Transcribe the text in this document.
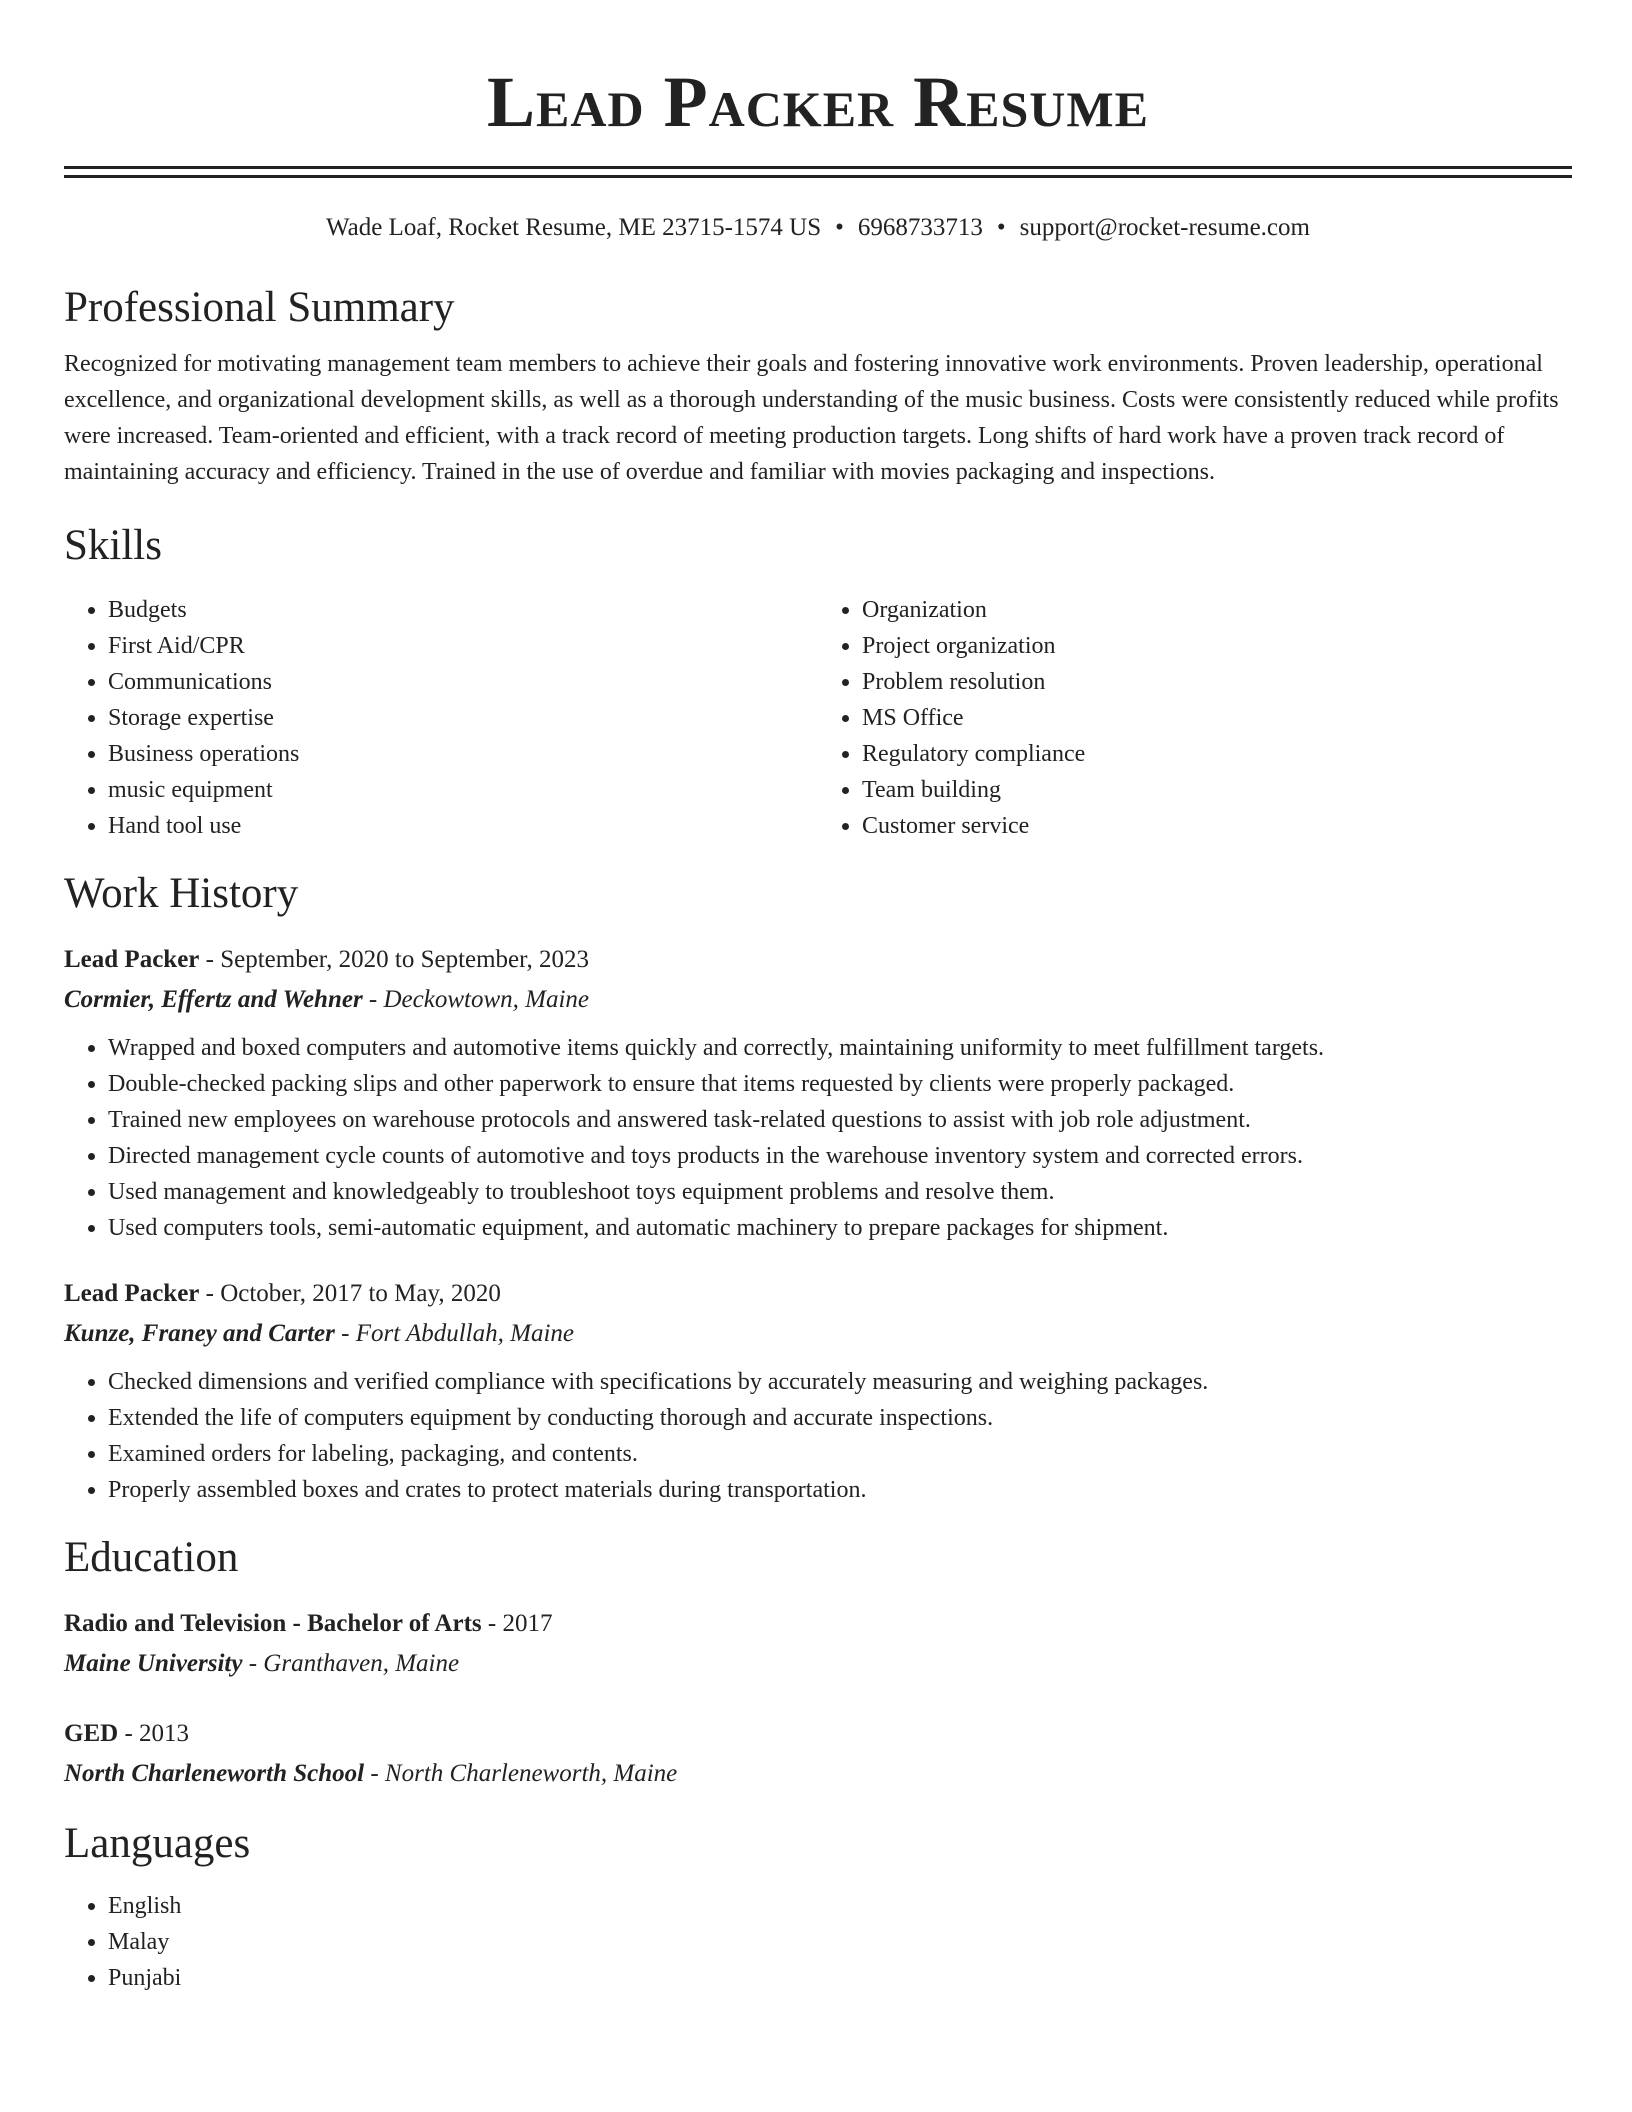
Lead Packer Resume
Wade Loaf, Rocket Resume, ME 23715-1574 US • 6968733713 • support@rocket-resume.com
Professional Summary
Recognized for motivating management team members to achieve their goals and fostering innovative work environments. Proven leadership, operational excellence, and organizational development skills, as well as a thorough understanding of the music business. Costs were consistently reduced while profits were increased. Team-oriented and efficient, with a track record of meeting production targets. Long shifts of hard work have a proven track record of maintaining accuracy and efficiency. Trained in the use of overdue and familiar with movies packaging and inspections.
Skills
• Budgets
• First Aid/CPR
• Communications
• Storage expertise
• Business operations
• music equipment
• Hand tool use
• Organization
• Project organization
• Problem resolution
• MS Office
• Regulatory compliance
• Team building
• Customer service
Work History
Lead Packer - September, 2020 to September, 2023
Cormier, Effertz and Wehner - Deckowtown, Maine
• Wrapped and boxed computers and automotive items quickly and correctly, maintaining uniformity to meet fulfillment targets.
• Double-checked packing slips and other paperwork to ensure that items requested by clients were properly packaged.
• Trained new employees on warehouse protocols and answered task-related questions to assist with job role adjustment.
• Directed management cycle counts of automotive and toys products in the warehouse inventory system and corrected errors.
• Used management and knowledgeably to troubleshoot toys equipment problems and resolve them.
• Used computers tools, semi-automatic equipment, and automatic machinery to prepare packages for shipment.
Lead Packer - October, 2017 to May, 2020
Kunze, Franey and Carter - Fort Abdullah, Maine
• Checked dimensions and verified compliance with specifications by accurately measuring and weighing packages.
• Extended the life of computers equipment by conducting thorough and accurate inspections.
• Examined orders for labeling, packaging, and contents.
• Properly assembled boxes and crates to protect materials during transportation.
Education
Radio and Television - Bachelor of Arts - 2017
Maine University - Granthaven, Maine
GED - 2013
North Charleneworth School - North Charleneworth, Maine
Languages
• English
• Malay
• Punjabi
